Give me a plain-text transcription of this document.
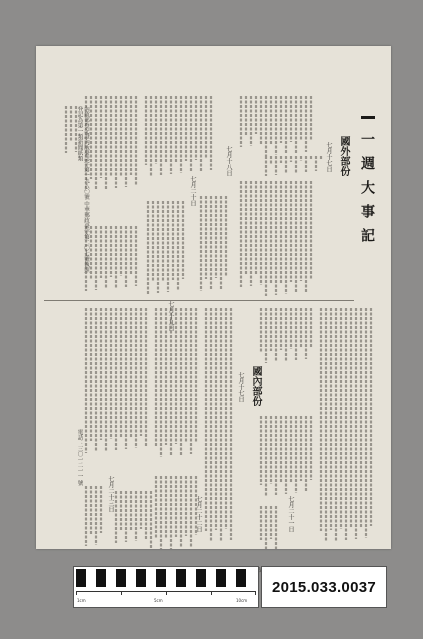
一週大事記
國外部份
七月十七日
國內部份
七月十七日
七月十八日
七月十九日
七月二十日
七月二十一日
七月二十二日
七月二十三日
內政部登記證內版臺誌字第一九八〇號 中華郵政臺字第二〇七號執照登記為第一類新聞紙類
電話：三〇一二一一 號
1cm	5cm	10cm
2015.033.0037
